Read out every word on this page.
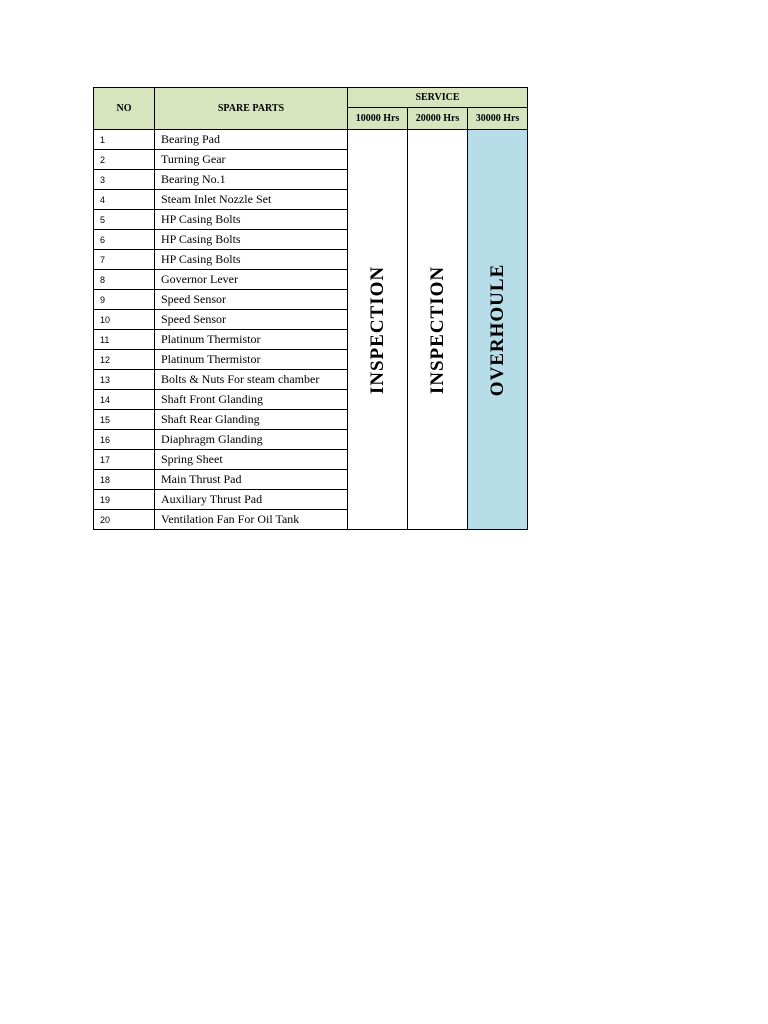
NO	SPARE PARTS	SERVICE		
		10000 Hrs	20000 Hrs	30000 Hrs
1	Bearing Pad	INSPECTION	INSPECTION	OVERHOULE

2	Turning Gear			
3	Bearing No.1			
4	Steam Inlet Nozzle Set			
5	HP Casing Bolts			
6	HP Casing Bolts			
7	HP Casing Bolts			
8	Governor Lever			
9	Speed Sensor			
10	Speed Sensor			
11	Platinum Thermistor			
12	Platinum Thermistor			
13	Bolts & Nuts For steam chamber			
14	Shaft Front Glanding			
15	Shaft Rear Glanding			
16	Diaphragm Glanding			
17	Spring Sheet			
18	Main Thrust Pad			
19	Auxiliary Thrust Pad			
20	Ventilation Fan For Oil Tank			
